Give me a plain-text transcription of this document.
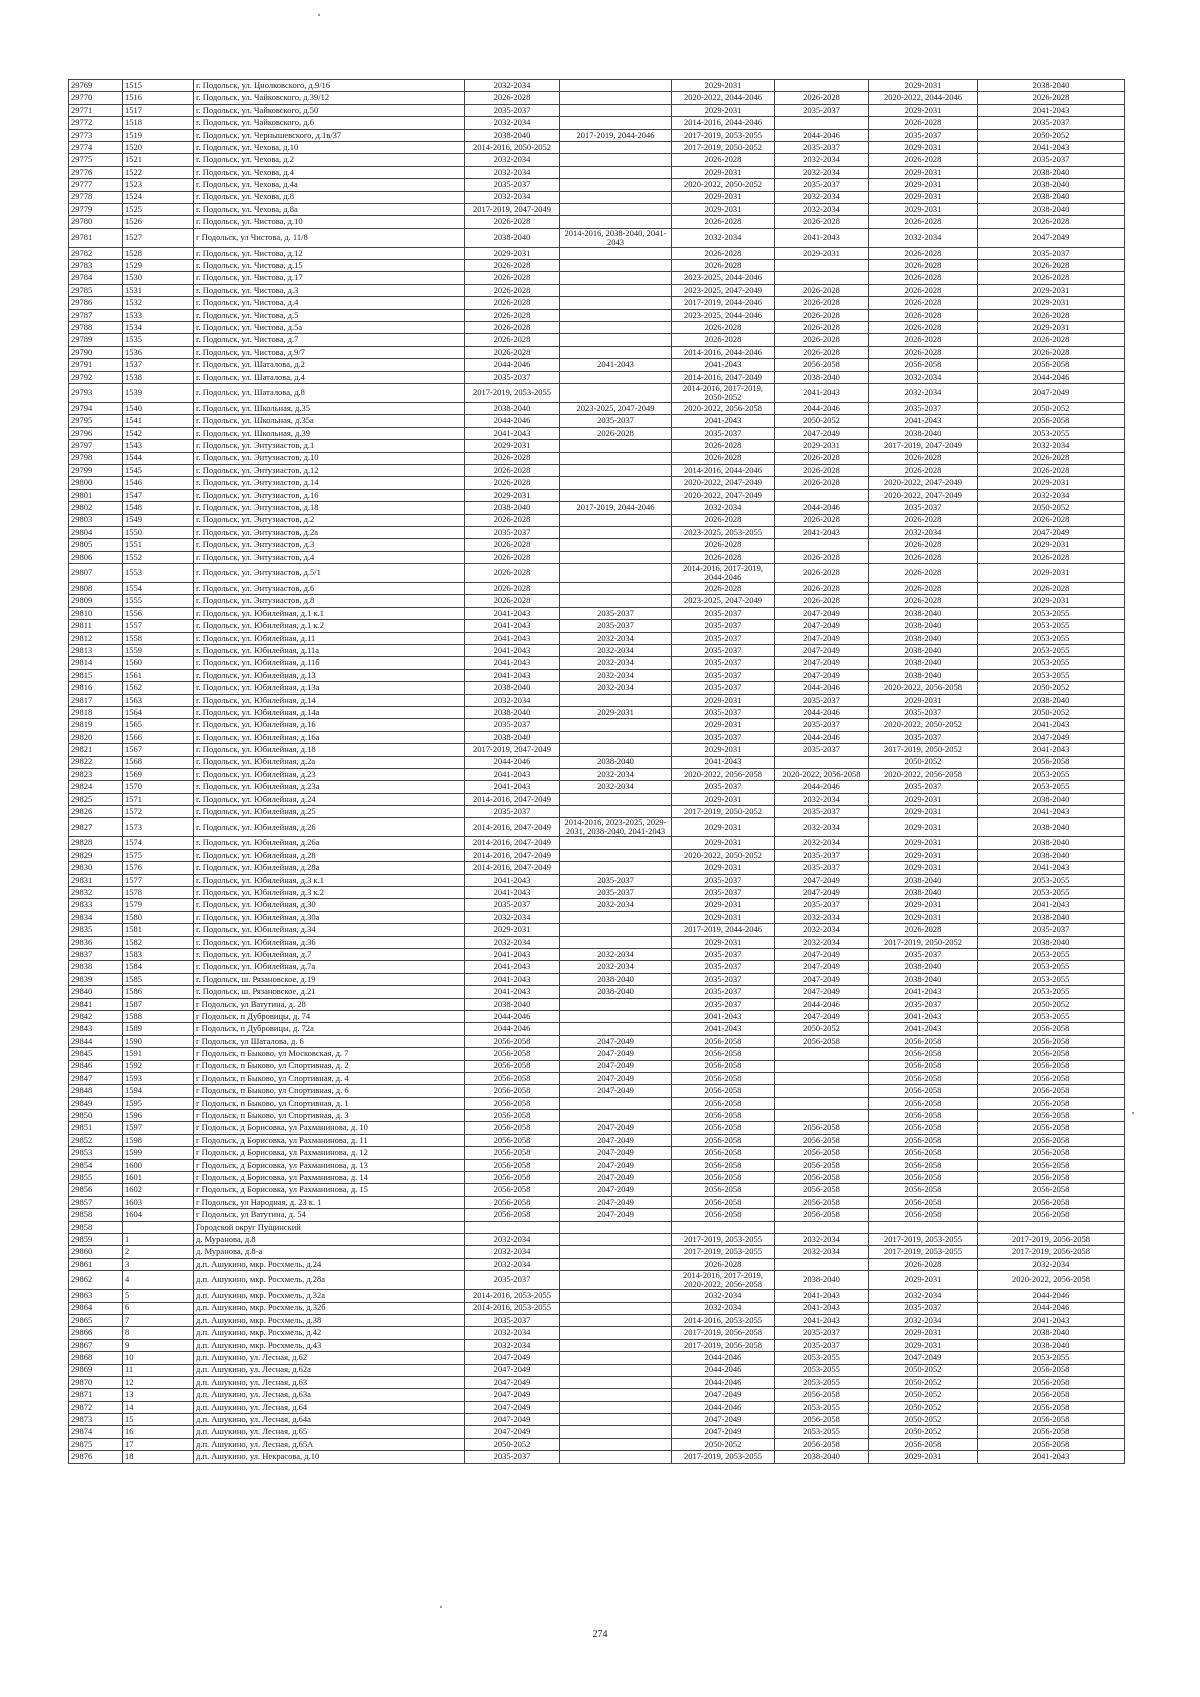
29769	1515	г. Подольск, ул. Циолковского, д.9/16	2032-2034		2029-2031		2029-2031	2038-2040
29770	1516	г. Подольск, ул. Чайковского, д.39/12	2026-2028		2020-2022, 2044-2046	2026-2028	2020-2022, 2044-2046	2026-2028
29771	1517	г. Подольск, ул. Чайковского, д.50	2035-2037		2029-2031	2035-2037	2029-2031	2041-2043
29772	1518	г. Подольск, ул. Чайковского, д.6	2032-2034		2014-2016, 2044-2046		2026-2028	2035-2037
29773	1519	г. Подольск, ул. Чернышевского, д.1в/37	2038-2040	2017-2019, 2044-2046	2017-2019, 2053-2055	2044-2046	2035-2037	2050-2052
29774	1520	г. Подольск, ул. Чехова, д.10	2014-2016, 2050-2052		2017-2019, 2050-2052	2035-2037	2029-2031	2041-2043
29775	1521	г. Подольск, ул. Чехова, д.2	2032-2034		2026-2028	2032-2034	2026-2028	2035-2037
29776	1522	г. Подольск, ул. Чехова, д.4	2032-2034		2029-2031	2032-2034	2029-2031	2038-2040
29777	1523	г. Подольск, ул. Чехова, д.4а	2035-2037		2020-2022, 2050-2052	2035-2037	2029-2031	2038-2040
29778	1524	г. Подольск, ул. Чехова, д.8	2032-2034		2029-2031	2032-2034	2029-2031	2038-2040
29779	1525	г. Подольск, ул. Чехова, д.8а	2017-2019, 2047-2049		2029-2031	2032-2034	2029-2031	2038-2040
29780	1526	г. Подольск, ул. Чистова, д.10	2026-2028		2026-2028	2026-2028	2026-2028	2026-2028
29781	1527	г Подольск, ул Чистова, д. 11/8	2038-2040	2014-2016, 2038-2040, 2041-2043	2032-2034	2041-2043	2032-2034	2047-2049
29782	1528	г. Подольск, ул. Чистова, д.12	2029-2031		2026-2028	2029-2031	2026-2028	2035-2037
29783	1529	г. Подольск, ул. Чистова, д.15	2026-2028		2026-2028		2026-2028	2026-2028
29784	1530	г. Подольск, ул. Чистова, д.17	2026-2028		2023-2025, 2044-2046		2026-2028	2026-2028
29785	1531	г. Подольск, ул. Чистова, д.3	2026-2028		2023-2025, 2047-2049	2026-2028	2026-2028	2029-2031
29786	1532	г. Подольск, ул. Чистова, д.4	2026-2028		2017-2019, 2044-2046	2026-2028	2026-2028	2029-2031
29787	1533	г. Подольск, ул. Чистова, д.5	2026-2028		2023-2025, 2044-2046	2026-2028	2026-2028	2026-2028
29788	1534	г. Подольск, ул. Чистова, д.5а	2026-2028		2026-2028	2026-2028	2026-2028	2029-2031
29789	1535	г. Подольск, ул. Чистова, д.7	2026-2028		2026-2028	2026-2028	2026-2028	2026-2028
29790	1536	г. Подольск, ул. Чистова, д.9/7	2026-2028		2014-2016, 2044-2046	2026-2028	2026-2028	2026-2028
29791	1537	г. Подольск, ул. Шаталова, д.2	2044-2046	2041-2043	2041-2043	2056-2058	2056-2058	2056-2058
29792	1538	г. Подольск, ул. Шаталова, д.4	2035-2037		2014-2016, 2047-2049	2038-2040	2032-2034	2044-2046
29793	1539	г. Подольск, ул. Шаталова, д.8	2017-2019, 2053-2055		2014-2016, 2017-2019, 2050-2052	2041-2043	2032-2034	2047-2049
29794	1540	г. Подольск, ул. Школьная, д.35	2038-2040	2023-2025, 2047-2049	2020-2022, 2056-2058	2044-2046	2035-2037	2050-2052
29795	1541	г. Подольск, ул. Школьная, д.35а	2044-2046	2035-2037	2041-2043	2050-2052	2041-2043	2056-2058
29796	1542	г. Подольск, ул. Школьная, д.39	2041-2043	2026-2028	2035-2037	2047-2049	2038-2040	2053-2055
29797	1543	г. Подольск, ул. Энтузиастов, д.1	2029-2031		2026-2028	2029-2031	2017-2019, 2047-2049	2032-2034
29798	1544	г. Подольск, ул. Энтузиастов, д.10	2026-2028		2026-2028	2026-2028	2026-2028	2026-2028
29799	1545	г. Подольск, ул. Энтузиастов, д.12	2026-2028		2014-2016, 2044-2046	2026-2028	2026-2028	2026-2028
29800	1546	г. Подольск, ул. Энтузиастов, д.14	2026-2028		2020-2022, 2047-2049	2026-2028	2020-2022, 2047-2049	2029-2031
29801	1547	г. Подольск, ул. Энтузиастов, д.16	2029-2031		2020-2022, 2047-2049		2020-2022, 2047-2049	2032-2034
29802	1548	г. Подольск, ул. Энтузиастов, д.18	2038-2040	2017-2019, 2044-2046	2032-2034	2044-2046	2035-2037	2050-2052
29803	1549	г. Подольск, ул. Энтузиастов, д.2	2026-2028		2026-2028	2026-2028	2026-2028	2026-2028
29804	1550	г. Подольск, ул. Энтузиастов, д.2а	2035-2037		2023-2025, 2053-2055	2041-2043	2032-2034	2047-2049
29805	1551	г. Подольск, ул. Энтузиастов, д.3	2026-2028		2026-2028		2026-2028	2029-2031
29806	1552	г. Подольск, ул. Энтузиастов, д.4	2026-2028		2026-2028	2026-2028	2026-2028	2026-2028
29807	1553	г. Подольск, ул. Энтузиастов, д.5/1	2026-2028		2014-2016, 2017-2019, 2044-2046	2026-2028	2026-2028	2029-2031
29808	1554	г. Подольск, ул. Энтузиастов, д.6	2026-2028		2026-2028	2026-2028	2026-2028	2026-2028
29809	1555	г. Подольск, ул. Энтузиастов, д.8	2026-2028		2023-2025, 2047-2049	2026-2028	2026-2028	2029-2031
29810	1556	г. Подольск, ул. Юбилейная, д.1 к.1	2041-2043	2035-2037	2035-2037	2047-2049	2038-2040	2053-2055
29811	1557	г. Подольск, ул. Юбилейная, д.1 к.2	2041-2043	2035-2037	2035-2037	2047-2049	2038-2040	2053-2055
29812	1558	г. Подольск, ул. Юбилейная, д.11	2041-2043	2032-2034	2035-2037	2047-2049	2038-2040	2053-2055
29813	1559	г. Подольск, ул. Юбилейная, д.11а	2041-2043	2032-2034	2035-2037	2047-2049	2038-2040	2053-2055
29814	1560	г. Подольск, ул. Юбилейная, д.11б	2041-2043	2032-2034	2035-2037	2047-2049	2038-2040	2053-2055
29815	1561	г. Подольск, ул. Юбилейная, д.13	2041-2043	2032-2034	2035-2037	2047-2049	2038-2040	2053-2055
29816	1562	г. Подольск, ул. Юбилейная, д.13а	2038-2040	2032-2034	2035-2037	2044-2046	2020-2022, 2056-2058	2050-2052
29817	1563	г. Подольск, ул. Юбилейная, д.14	2032-2034		2029-2031	2035-2037	2029-2031	2038-2040
29818	1564	г. Подольск, ул. Юбилейная, д.14а	2038-2040	2029-2031	2035-2037	2044-2046	2035-2037	2050-2052
29819	1565	г. Подольск, ул. Юбилейная, д.16	2035-2037		2029-2031	2035-2037	2020-2022, 2050-2052	2041-2043
29820	1566	г. Подольск, ул. Юбилейная, д.16а	2038-2040		2035-2037	2044-2046	2035-2037	2047-2049
29821	1567	г. Подольск, ул. Юбилейная, д.18	2017-2019, 2047-2049		2029-2031	2035-2037	2017-2019, 2050-2052	2041-2043
29822	1568	г. Подольск, ул. Юбилейная, д.2а	2044-2046	2038-2040	2041-2043		2050-2052	2056-2058
29823	1569	г. Подольск, ул. Юбилейная, д.23	2041-2043	2032-2034	2020-2022, 2056-2058	2020-2022, 2056-2058	2020-2022, 2056-2058	2053-2055
29824	1570	г. Подольск, ул. Юбилейная, д.23а	2041-2043	2032-2034	2035-2037	2044-2046	2035-2037	2053-2055
29825	1571	г. Подольск, ул. Юбилейная, д.24	2014-2016, 2047-2049		2029-2031	2032-2034	2029-2031	2038-2040
29826	1572	г. Подольск, ул. Юбилейная, д.25	2035-2037		2017-2019, 2050-2052	2035-2037	2029-2031	2041-2043
29827	1573	г. Подольск, ул. Юбилейная, д.26	2014-2016, 2047-2049	2014-2016, 2023-2025, 2029-2031, 2038-2040, 2041-2043	2029-2031	2032-2034	2029-2031	2038-2040
29828	1574	г. Подольск, ул. Юбилейная, д.26а	2014-2016, 2047-2049		2029-2031	2032-2034	2029-2031	2038-2040
29829	1575	г. Подольск, ул. Юбилейная, д.28	2014-2016, 2047-2049		2020-2022, 2050-2052	2035-2037	2029-2031	2038-2040
29830	1576	г. Подольск, ул. Юбилейная, д.28а	2014-2016, 2047-2049		2029-2031	2035-2037	2029-2031	2041-2043
29831	1577	г. Подольск, ул. Юбилейная, д.3 к.1	2041-2043	2035-2037	2035-2037	2047-2049	2038-2040	2053-2055
29832	1578	г. Подольск, ул. Юбилейная, д.3 к.2	2041-2043	2035-2037	2035-2037	2047-2049	2038-2040	2053-2055
29833	1579	г. Подольск, ул. Юбилейная, д.30	2035-2037	2032-2034	2029-2031	2035-2037	2029-2031	2041-2043
29834	1580	г. Подольск, ул. Юбилейная, д.30а	2032-2034		2029-2031	2032-2034	2029-2031	2038-2040
29835	1581	г. Подольск, ул. Юбилейная, д.34	2029-2031		2017-2019, 2044-2046	2032-2034	2026-2028	2035-2037
29836	1582	г. Подольск, ул. Юбилейная, д.36	2032-2034		2029-2031	2032-2034	2017-2019, 2050-2052	2038-2040
29837	1583	г. Подольск, ул. Юбилейная, д.7	2041-2043	2032-2034	2035-2037	2047-2049	2035-2037	2053-2055
29838	1584	г. Подольск, ул. Юбилейная, д.7а	2041-2043	2032-2034	2035-2037	2047-2049	2038-2040	2053-2055
29839	1585	г. Подольск, ш. Рязановское, д.19	2041-2043	2038-2040	2035-2037	2047-2049	2038-2040	2053-2055
29840	1586	г. Подольск, ш. Рязановское, д.21	2041-2043	2038-2040	2035-2037	2047-2049	2041-2043	2053-2055
29841	1587	г Подольск, ул Ватутина, д. 28	2038-2040		2035-2037	2044-2046	2035-2037	2050-2052
29842	1588	г Подольск, п Дубровицы, д. 74	2044-2046		2041-2043	2047-2049	2041-2043	2053-2055
29843	1589	г Подольск, п Дубровицы, д. 72а	2044-2046		2041-2043	2050-2052	2041-2043	2056-2058
29844	1590	г Подольск, ул Шаталова, д. 6	2056-2058	2047-2049	2056-2058	2056-2058	2056-2058	2056-2058
29845	1591	г Подольск, п Быково, ул Московская, д. 7	2056-2058	2047-2049	2056-2058		2056-2058	2056-2058
29846	1592	г Подольск, п Быково, ул Спортивная, д. 2	2056-2058	2047-2049	2056-2058		2056-2058	2056-2058
29847	1593	г Подольск, п Быково, ул Спортивная, д. 4	2056-2058	2047-2049	2056-2058		2056-2058	2056-2058
29848	1594	г Подольск, п Быково, ул Спортивная, д. 6	2056-2058	2047-2049	2056-2058		2056-2058	2056-2058
29849	1595	г Подольск, п Быково, ул Спортивная, д. 1	2056-2058		2056-2058		2056-2058	2056-2058
29850	1596	г Подольск, п Быково, ул Спортивная, д. 3	2056-2058		2056-2058		2056-2058	2056-2058
29851	1597	г Подольск, д Борисовка, ул Рахманинова, д. 10	2056-2058	2047-2049	2056-2058	2056-2058	2056-2058	2056-2058
29852	1598	г Подольск, д Борисовка, ул Рахманинова, д. 11	2056-2058	2047-2049	2056-2058	2056-2058	2056-2058	2056-2058
29853	1599	г Подольск, д Борисовка, ул Рахманинова, д. 12	2056-2058	2047-2049	2056-2058	2056-2058	2056-2058	2056-2058
29854	1600	г Подольск, д Борисовка, ул Рахманинова, д. 13	2056-2058	2047-2049	2056-2058	2056-2058	2056-2058	2056-2058
29855	1601	г Подольск, д Борисовка, ул Рахманинова, д. 14	2056-2058	2047-2049	2056-2058	2056-2058	2056-2058	2056-2058
29856	1602	г Подольск, д Борисовка, ул Рахманинова, д. 15	2056-2058	2047-2049	2056-2058	2056-2058	2056-2058	2056-2058
29857	1603	г Подольск, ул Народная, д. 23 к. 1	2056-2058	2047-2049	2056-2058	2056-2058	2056-2058	2056-2058
29858	1604	г Подольск, ул Ватутина, д. 54	2056-2058	2047-2049	2056-2058	2056-2058	2056-2058	2056-2058
29858		Городской округ Пущинский						
29859	1	д. Муранова, д.8	2032-2034		2017-2019, 2053-2055	2032-2034	2017-2019, 2053-2055	2017-2019, 2056-2058
29860	2	д. Муранова, д.8-а	2032-2034		2017-2019, 2053-2055	2032-2034	2017-2019, 2053-2055	2017-2019, 2056-2058
29861	3	д.п. Ашукино, мкр. Росхмель, д.24	2032-2034		2026-2028		2026-2028	2032-2034
29862	4	д.п. Ашукино, мкр. Росхмель, д.28а	2035-2037		2014-2016, 2017-2019, 2020-2022, 2056-2058	2038-2040	2029-2031	2020-2022, 2056-2058
29863	5	д.п. Ашукино, мкр. Росхмель, д.32а	2014-2016, 2053-2055		2032-2034	2041-2043	2032-2034	2044-2046
29864	6	д.п. Ашукино, мкр. Росхмель, д.32б	2014-2016, 2053-2055		2032-2034	2041-2043	2035-2037	2044-2046
29865	7	д.п. Ашукино, мкр. Росхмель, д.38	2035-2037		2014-2016, 2053-2055	2041-2043	2032-2034	2041-2043
29866	8	д.п. Ашукино, мкр. Росхмель, д.42	2032-2034		2017-2019, 2056-2058	2035-2037	2029-2031	2038-2040
29867	9	д.п. Ашукино, мкр. Росхмель, д.43	2032-2034		2017-2019, 2056-2058	2035-2037	2029-2031	2038-2040
29868	10	д.п. Ашукино, ул. Лесная, д.62	2047-2049		2044-2046	2053-2055	2047-2049	2053-2055
29869	11	д.п. Ашукино, ул. Лесная, д.62а	2047-2049		2044-2046	2053-2055	2050-2052	2056-2058
29870	12	д.п. Ашукино, ул. Лесная, д.63	2047-2049		2044-2046	2053-2055	2050-2052	2056-2058
29871	13	д.п. Ашукино, ул. Лесная, д.63а	2047-2049		2047-2049	2056-2058	2050-2052	2056-2058
29872	14	д.п. Ашукино, ул. Лесная, д.64	2047-2049		2044-2046	2053-2055	2050-2052	2056-2058
29873	15	д.п. Ашукино, ул. Лесная, д.64а	2047-2049		2047-2049	2056-2058	2050-2052	2056-2058
29874	16	д.п. Ашукино, ул. Лесная, д.65	2047-2049		2047-2049	2053-2055	2050-2052	2056-2058
29875	17	д.п. Ашукино, ул. Лесная, д.65А	2050-2052		2050-2052	2056-2058	2056-2058	2056-2058
29876	18	д.п. Ашукино, ул. Некрасова, д.10	2035-2037		2017-2019, 2053-2055	2038-2040	2029-2031	2041-2043
274
